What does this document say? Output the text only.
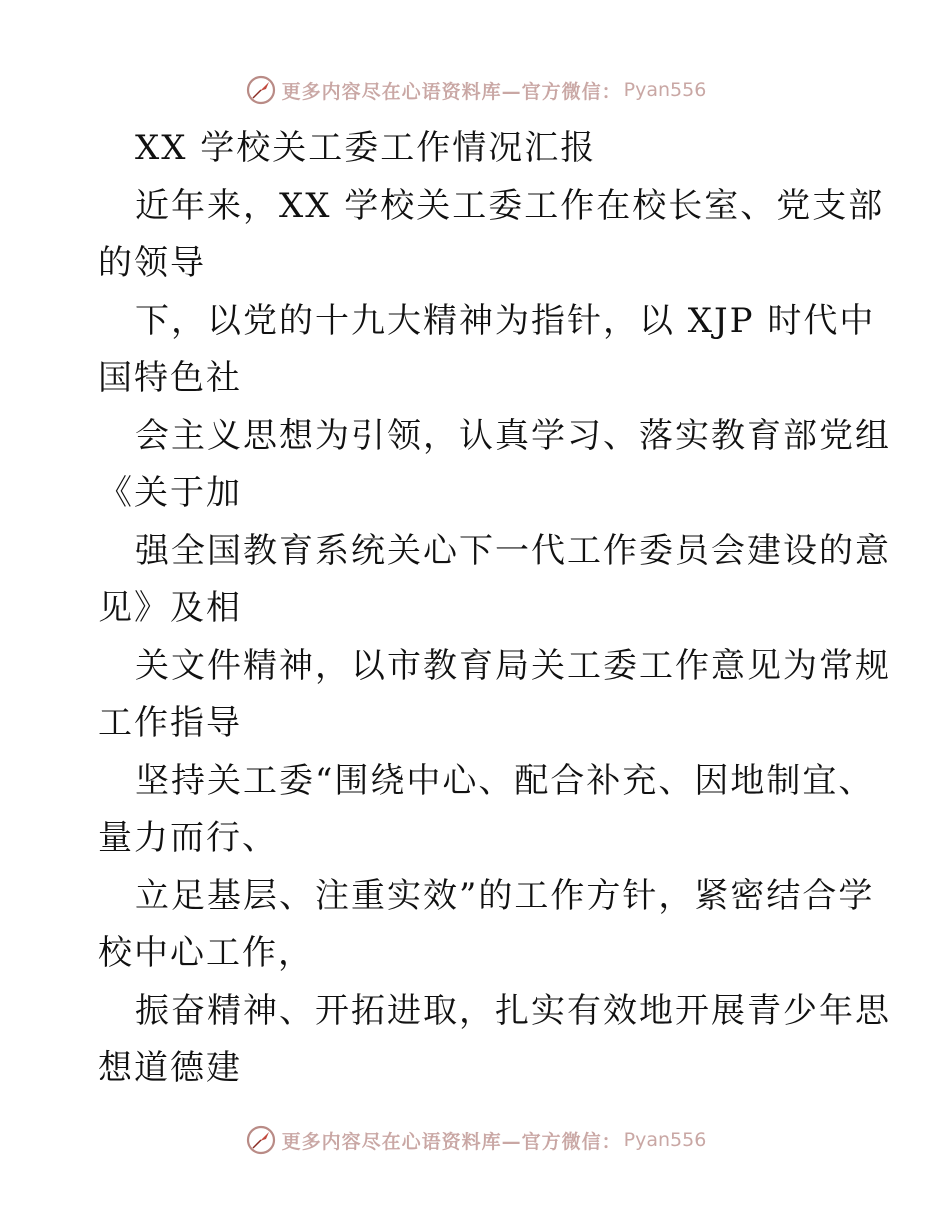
更多内容尽在心语资料库—官方微信： Pyan556
XX 学校关工委工作情况汇报
近年来，XX 学校关工委工作在校长室、党支部
的领导
下，以党的十九大精神为指针，以 XJP 时代中
国特色社
会主义思想为引领，认真学习、落实教育部党组
《关于加
强全国教育系统关心下一代工作委员会建设的意
见》及相
关文件精神，以市教育局关工委工作意见为常规
工作指导
坚持关工委“围绕中心、配合补充、因地制宜、
量力而行、
立足基层、注重实效”的工作方针，紧密结合学
校中心工作，
振奋精神、开拓进取，扎实有效地开展青少年思
想道德建
更多内容尽在心语资料库—官方微信： Pyan556
